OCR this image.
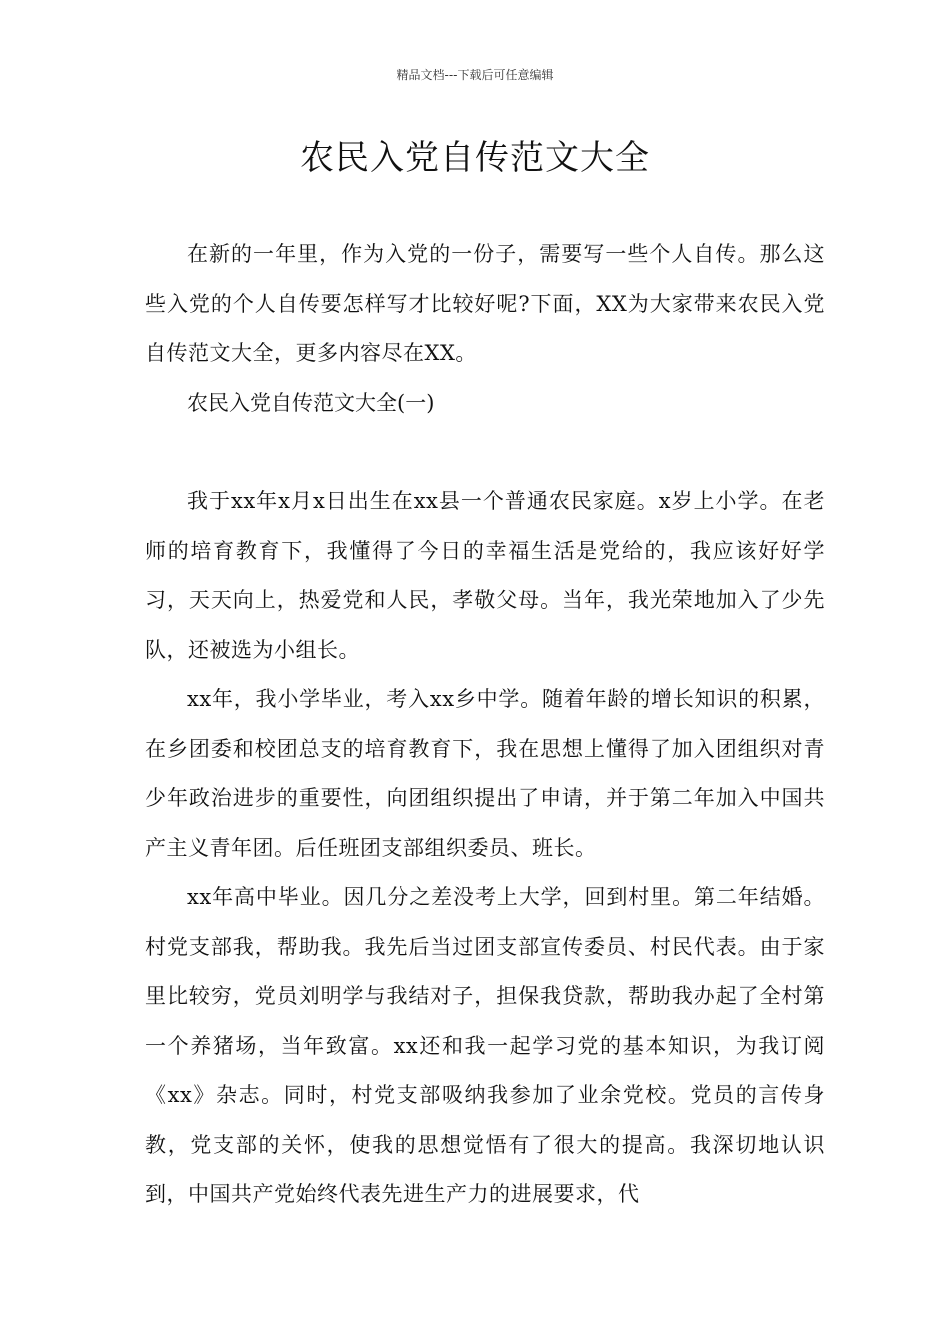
精品文档---下载后可任意编辑
农民入党自传范文大全

在新的一年里，作为入党的一份子，需要写一些个人自传。那么这些入党的个人自传要怎样写才比较好呢?下面，XX为大家带来农民入党自传范文大全，更多内容尽在XX。

农民入党自传范文大全(一)

我于xx年x月x日出生在xx县一个普通农民家庭。x岁上小学。在老师的培育教育下，我懂得了今日的幸福生活是党给的，我应该好好学习，天天向上，热爱党和人民，孝敬父母。当年，我光荣地加入了少先队，还被选为小组长。

xx年，我小学毕业，考入xx乡中学。随着年龄的增长知识的积累，在乡团委和校团总支的培育教育下，我在思想上懂得了加入团组织对青少年政治进步的重要性，向团组织提出了申请，并于第二年加入中国共产主义青年团。后任班团支部组织委员、班长。

xx年高中毕业。因几分之差没考上大学，回到村里。第二年结婚。村党支部我，帮助我。我先后当过团支部宣传委员、村民代表。由于家里比较穷，党员刘明学与我结对子，担保我贷款，帮助我办起了全村第一个养猪场，当年致富。xx还和我一起学习党的基本知识，为我订阅《xx》杂志。同时，村党支部吸纳我参加了业余党校。党员的言传身教，党支部的关怀，使我的思想觉悟有了很大的提高。我深切地认识到，中国共产党始终代表先进生产力的进展要求，代
